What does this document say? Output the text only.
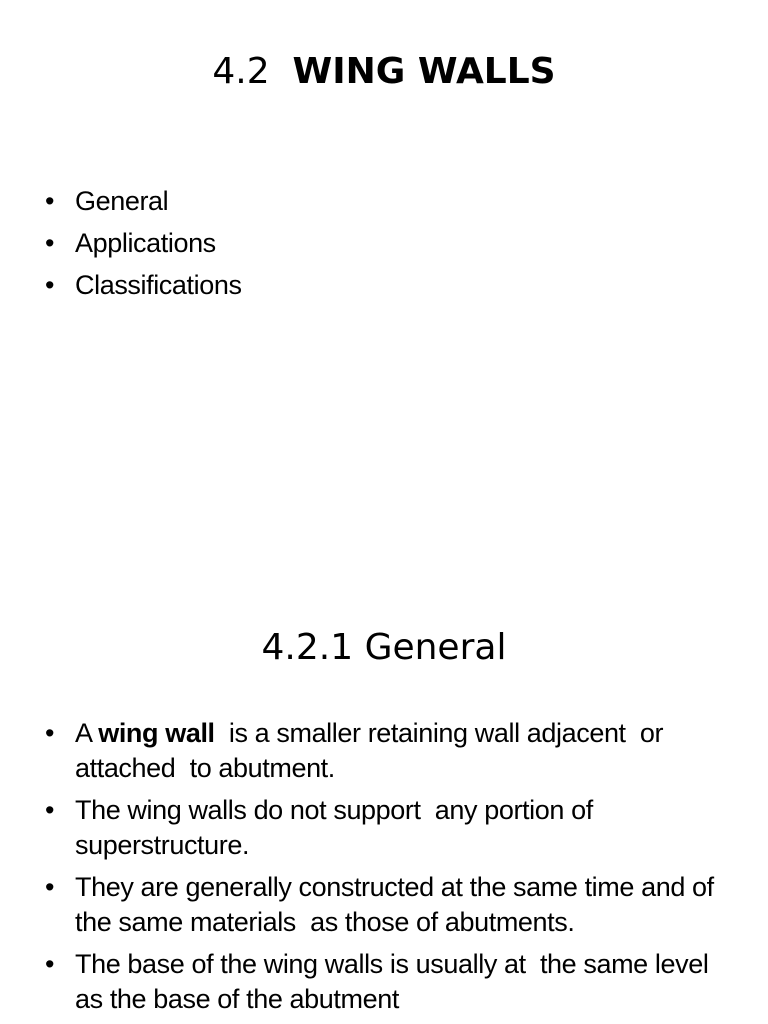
4.2 WING WALLS
• General
• Applications
• Classifications
4.2.1 General
• A wing wall  is a smaller retaining wall adjacent  or attached  to abutment.
• The wing walls do not support  any portion of superstructure.
• They are generally constructed at the same time and of the same materials  as those of abutments.
• The base of the wing walls is usually at  the same level as the base of the abutment
